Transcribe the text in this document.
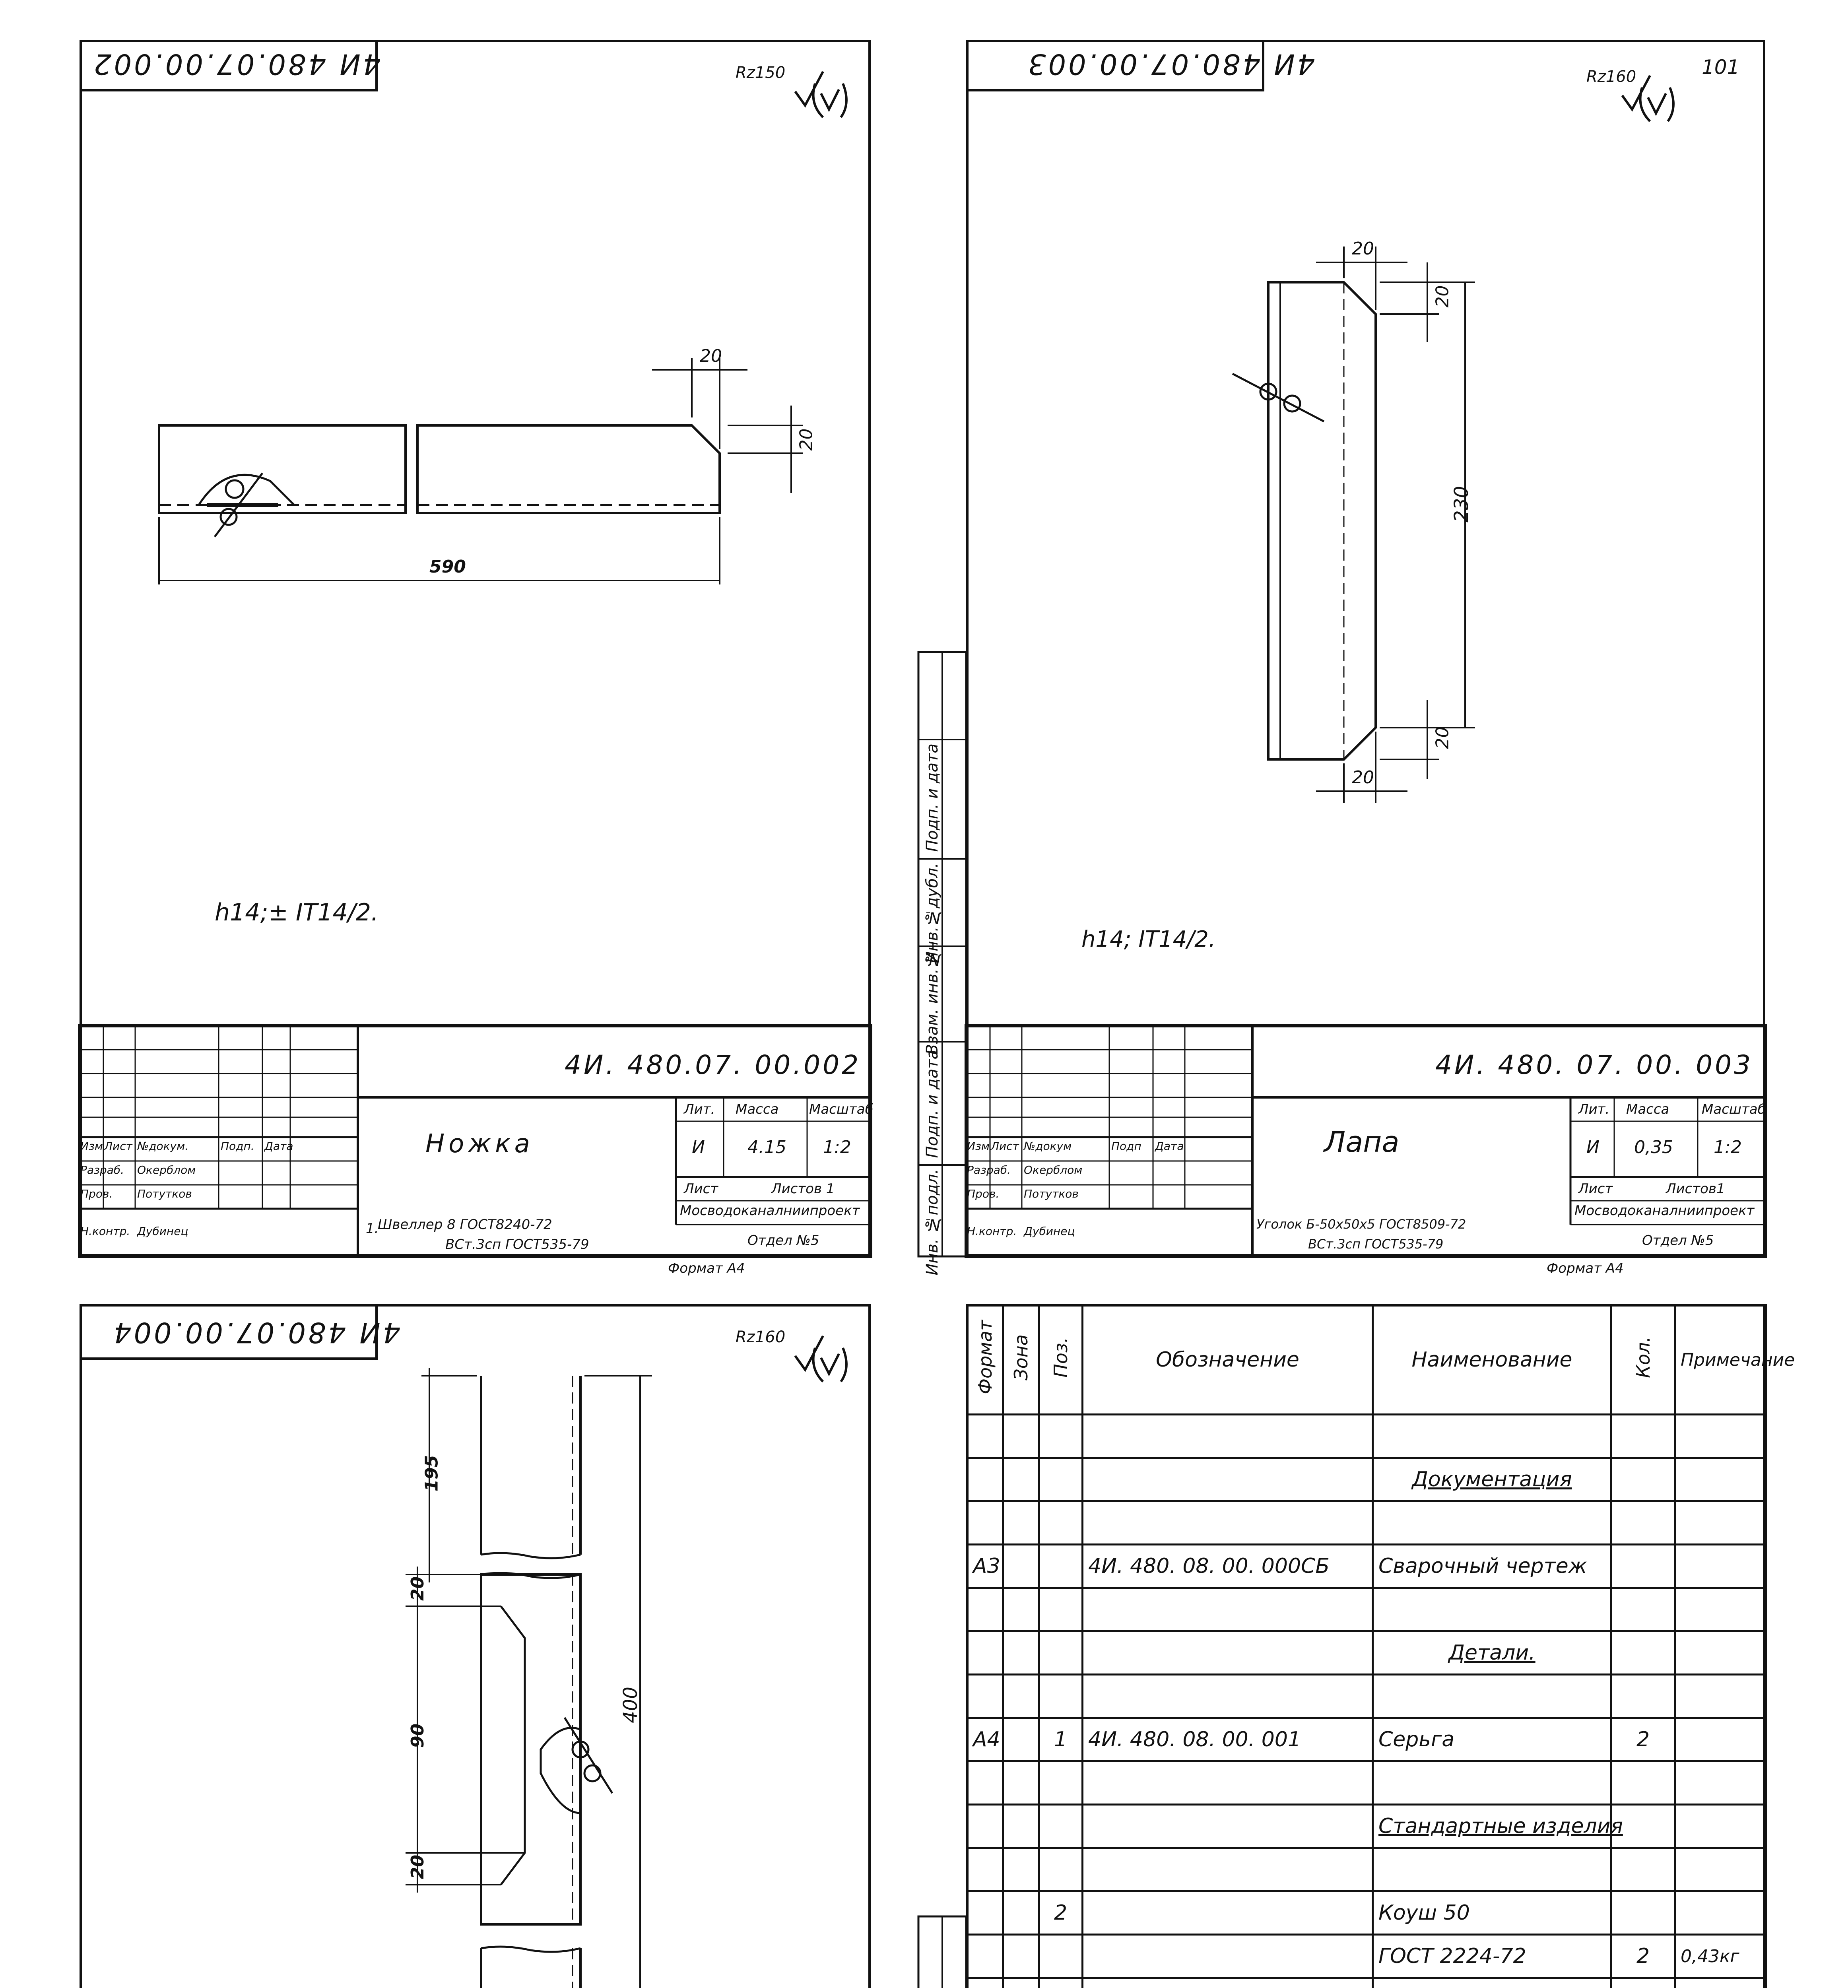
4И 480.07.00.002	Rz150
20
20
590
h14;± IT14/2.
4И. 480.07. 00.002
Ножка
Лит. Масса Масштаб
И 4.15 1:2
Лист	Листов 1
Мосводоканалниипроект
Отдел №5
Формат А4
Изм Лист №докум.	Подп. Дата
Разраб. Окерблом
Пров. Потутков
Н.контр. Дубинец	1.
Швеллер 8 ГОСТ8240-72
ВСт.3сп ГОСТ535-79
4И 480.07.00.003	Rz160	101
Инв. №подл.
Подп. и дата
Взам. инв.№
Инв.№дубл.
Подп. и дата
20
20
230
20
20
h14; IT14/2.
4И. 480. 07. 00. 003
Лапа
Лит. Масса Масштаб
И 0,35 1:2
Лист	Листов1
Мосводоканалниипроект
Отдел №5
Формат А4
Изм Лист №докум	Подп Дата
Разраб. Окерблом
Пров. Потутков
Н.контр. Дубинец	Уголок Б-50х50х5 ГОСТ8509-72
ВСт.3сп ГОСТ535-79
4И 480.07.00.004	Rz160
195
20
90
20
400
Формат	Зона	Поз.	Обозначение	Наименование	Кол.	Примечание

				Документация		

А3			4И. 480. 08. 00. 000СБ	Сварочный чертеж		

				Детали.		

А4		1	4И. 480. 08. 00. 001	Серьга	2	

				Стандартные изделия		

		2		Коуш 50		
				ГОСТ 2224-72	2	0,43кг
